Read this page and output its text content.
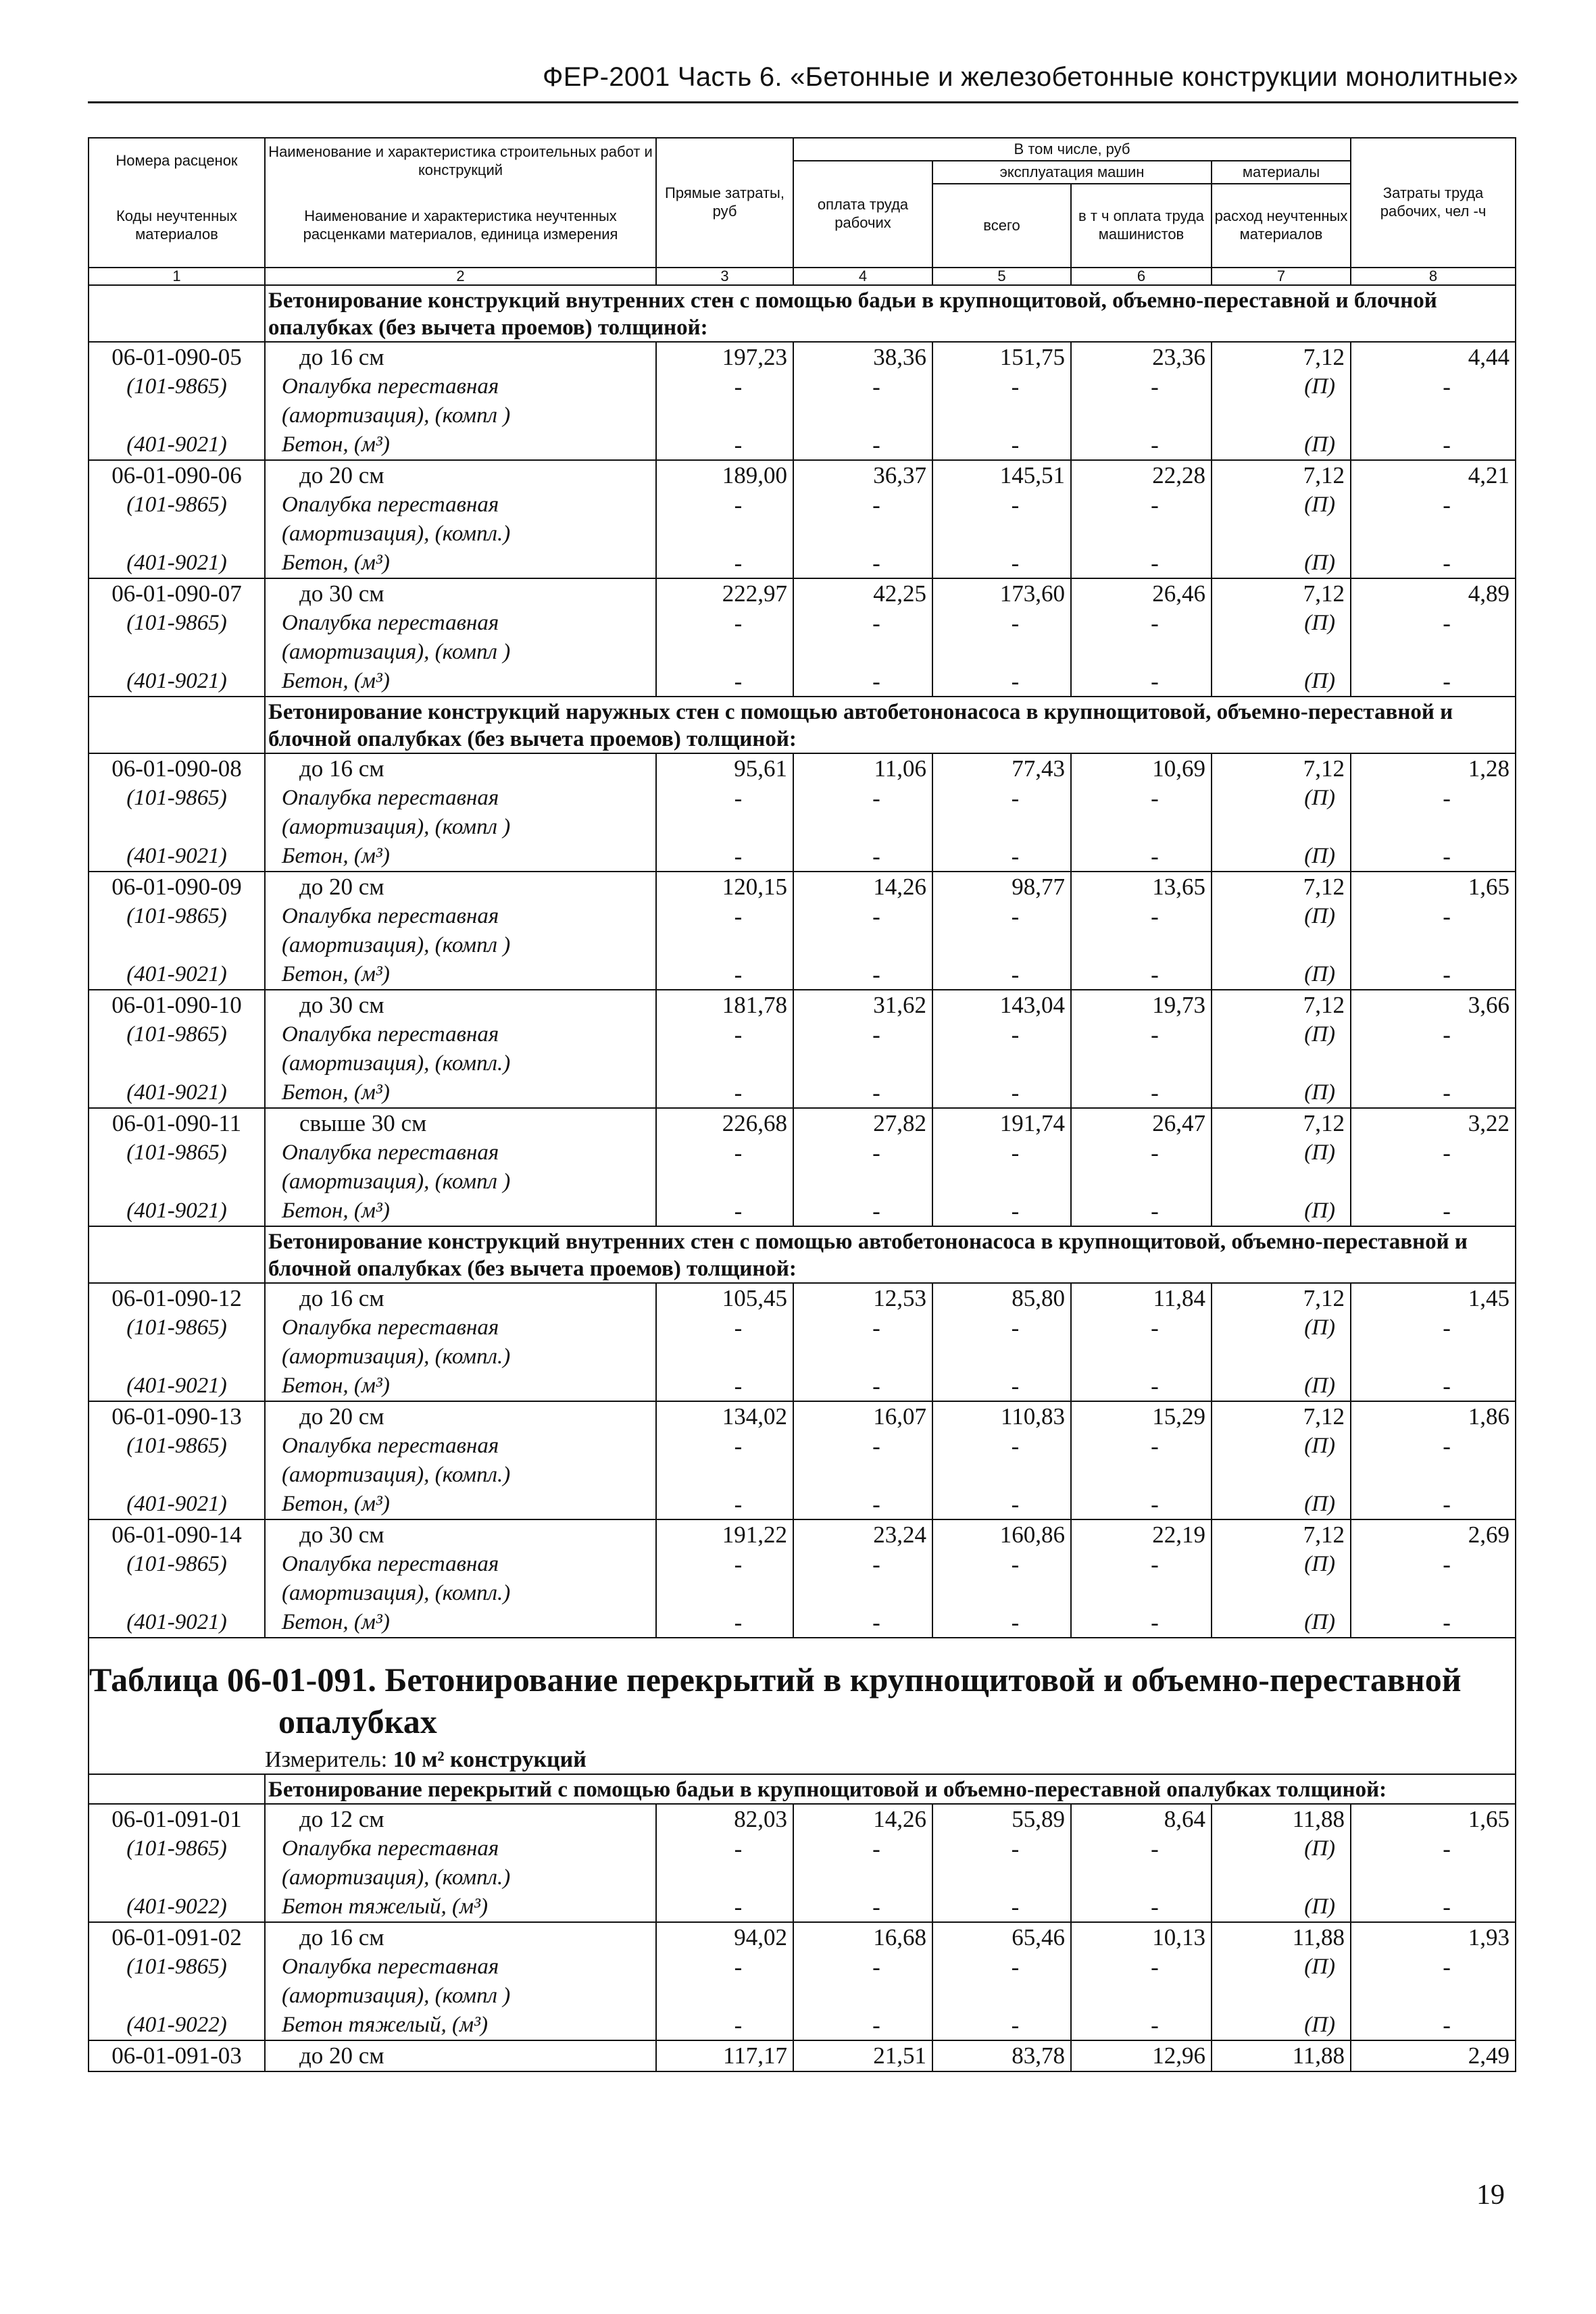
ФЕР-2001 Часть 6. «Бетонные и железобетонные конструкции монолитные»
Номера расценок	Наименование и характеристика строительных работ и конструкций	Прямые затраты, руб	В том числе, руб				Затраты труда рабочих, чел -ч
			оплата труда рабочих	эксплуатация машин		материалы	
Коды неучтенных материалов	Наименование и характеристика неучтенных расценками материалов, единица измерения			всего	в т ч оплата труда машинистов	расход неучтенных материалов	

1	2	3	4	5	6	7	8
	Бетонирование конструкций внутренних стен с помощью бадьи в крупнощитовой, объемно-переставной и блочной опалубках (без вычета проемов) толщиной:						
06-01-090-05	до 16 см	197,23	38,36	151,75	23,36	7,12	4,44
(101-9865)	Опалубка переставная	-	-	-	-	(П)	-
	(амортизация), (компл )						
(401-9021)	Бетон, (м³)	-	-	-	-	(П)	-
06-01-090-06	до 20 см	189,00	36,37	145,51	22,28	7,12	4,21
(101-9865)	Опалубка переставная	-	-	-	-	(П)	-
	(амортизация), (компл.)						
(401-9021)	Бетон, (м³)	-	-	-	-	(П)	-
06-01-090-07	до 30 см	222,97	42,25	173,60	26,46	7,12	4,89
(101-9865)	Опалубка переставная	-	-	-	-	(П)	-
	(амортизация), (компл )						
(401-9021)	Бетон, (м³)	-	-	-	-	(П)	-
	Бетонирование конструкций наружных стен с помощью автобетононасоса в крупнощитовой, объемно-переставной и блочной опалубках (без вычета проемов) толщиной:						
06-01-090-08	до 16 см	95,61	11,06	77,43	10,69	7,12	1,28
(101-9865)	Опалубка переставная	-	-	-	-	(П)	-
	(амортизация), (компл )						
(401-9021)	Бетон, (м³)	-	-	-	-	(П)	-
06-01-090-09	до 20 см	120,15	14,26	98,77	13,65	7,12	1,65
(101-9865)	Опалубка переставная	-	-	-	-	(П)	-
	(амортизация), (компл )						
(401-9021)	Бетон, (м³)	-	-	-	-	(П)	-
06-01-090-10	до 30 см	181,78	31,62	143,04	19,73	7,12	3,66
(101-9865)	Опалубка переставная	-	-	-	-	(П)	-
	(амортизация), (компл.)						
(401-9021)	Бетон, (м³)	-	-	-	-	(П)	-
06-01-090-11	свыше 30 см	226,68	27,82	191,74	26,47	7,12	3,22
(101-9865)	Опалубка переставная	-	-	-	-	(П)	-
	(амортизация), (компл )						
(401-9021)	Бетон, (м³)	-	-	-	-	(П)	-
	Бетонирование конструкций внутренних стен с помощью автобетононасоса в крупнощитовой, объемно-переставной и блочной опалубках (без вычета проемов) толщиной:						
06-01-090-12	до 16 см	105,45	12,53	85,80	11,84	7,12	1,45
(101-9865)	Опалубка переставная	-	-	-	-	(П)	-
	(амортизация), (компл.)						
(401-9021)	Бетон, (м³)	-	-	-	-	(П)	-
06-01-090-13	до 20 см	134,02	16,07	110,83	15,29	7,12	1,86
(101-9865)	Опалубка переставная	-	-	-	-	(П)	-
	(амортизация), (компл.)						
(401-9021)	Бетон, (м³)	-	-	-	-	(П)	-
06-01-090-14	до 30 см	191,22	23,24	160,86	22,19	7,12	2,69
(101-9865)	Опалубка переставная	-	-	-	-	(П)	-
	(амортизация), (компл.)						
(401-9021)	Бетон, (м³)	-	-	-	-	(П)	-
Таблица 06-01-091. Бетонирование перекрытий в крупнощитовой и объемно-переставной
опалубках							

Измеритель: 10 м² конструкций							
	Бетонирование перекрытий с помощью бадьи в крупнощитовой и объемно-переставной опалубках толщиной:						
06-01-091-01	до 12 см	82,03	14,26	55,89	8,64	11,88	1,65
(101-9865)	Опалубка переставная	-	-	-	-	(П)	-
	(амортизация), (компл.)						
(401-9022)	Бетон тяжелый, (м³)	-	-	-	-	(П)	-
06-01-091-02	до 16 см	94,02	16,68	65,46	10,13	11,88	1,93
(101-9865)	Опалубка переставная	-	-	-	-	(П)	-
	(амортизация), (компл )						
(401-9022)	Бетон тяжелый, (м³)	-	-	-	-	(П)	-
06-01-091-03	до 20 см	117,17	21,51	83,78	12,96	11,88	2,49
19
